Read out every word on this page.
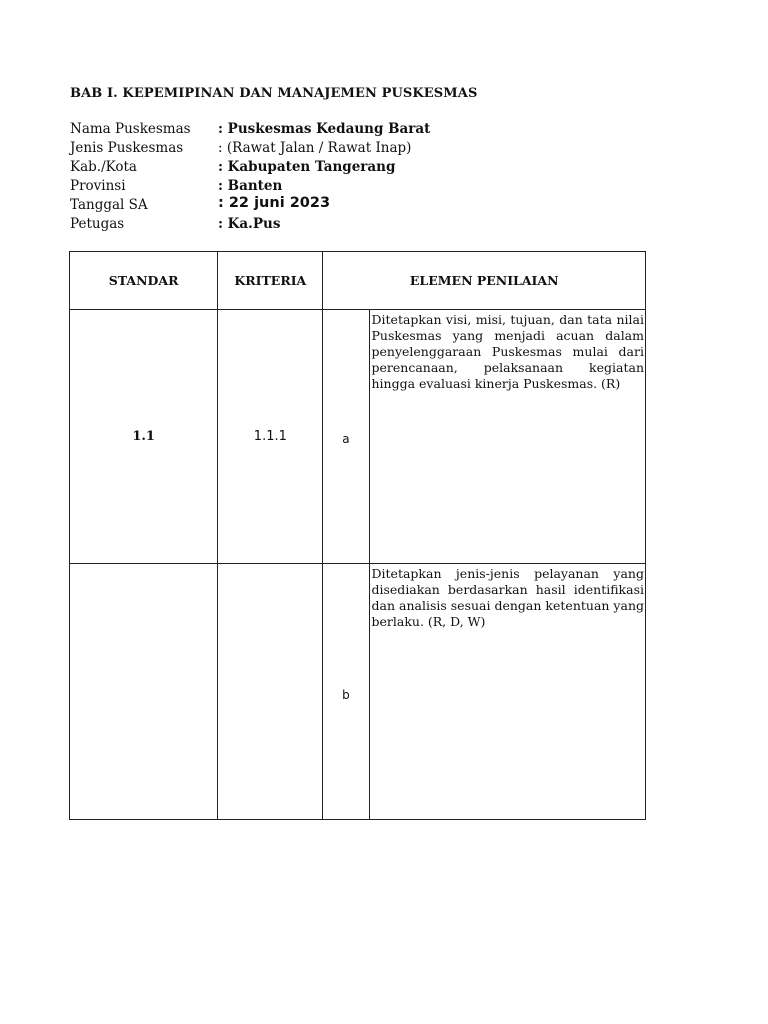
BAB I. KEPEMIPINAN DAN MANAJEMEN PUSKESMAS
Nama Puskesmas : Puskesmas Kedaung Barat
Jenis Puskesmas	: (Rawat Jalan / Rawat Inap)
Kab./Kota	: Kabupaten Tangerang
Provinsi	: Banten
Tanggal SA	: 22 juni 2023
Petugas	: Ka.Pus
STANDAR	KRITERIA	ELEMEN PENILAIAN	
1.1	1.1.1	a	Ditetapkan visi, misi, tujuan, dan tata nilai Puskesmas yang menjadi acuan dalam penyelenggaraan Puskesmas mulai dari perencanaan, pelaksanaan kegiatan hingga evaluasi kinerja Puskesmas. (R)
		b	Ditetapkan jenis-jenis pelayanan yang disediakan berdasarkan hasil identifikasi dan analisis sesuai dengan ketentuan yang berlaku. (R, D, W)
